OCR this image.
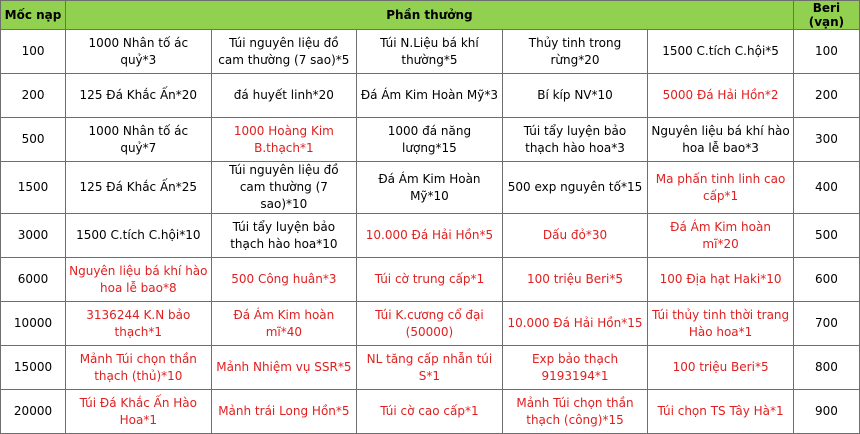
Mốc nạp	Phần thưởng					Beri (vạn)
100	1000 Nhân tố ác quỷ*3	Túi nguyên liệu đồ cam thường (7 sao)*5	Túi N.Liệu bá khí thường*5	Thủy tinh trong rừng*20	1500 C.tích C.hội*5	100
200	125 Đá Khắc Ấn*20	đá huyết linh*20	Đá Ám Kim Hoàn Mỹ*3	Bí kíp NV*10	5000 Đá Hải Hồn*2	200
500	1000 Nhân tố ác quỷ*7	1000 Hoàng Kim B.thạch*1	1000 đá năng lượng*15	Túi tẩy luyện bảo thạch hào hoa*3	Nguyên liệu bá khí hào hoa lễ bao*3	300
1500	125 Đá Khắc Ấn*25	Túi nguyên liệu đồ cam thường (7 sao)*10	Đá Ám Kim Hoàn Mỹ*10	500 exp nguyên tố*15	Ma phấn tinh linh cao cấp*1	400
3000	1500 C.tích C.hội*10	Túi tẩy luyện bảo thạch hào hoa*10	10.000 Đá Hải Hồn*5	Dấu đỏ*30	Đá Ám Kim hoàn mĩ*20	500
6000	Nguyên liệu bá khí hào hoa lễ bao*8	500 Công huân*3	Túi cờ trung cấp*1	100 triệu Beri*5	100 Địa hạt Haki*10	600
10000	3136244 K.N bảo thạch*1	Đá Ám Kim hoàn mĩ*40	Túi K.cương cổ đại (50000)	10.000 Đá Hải Hồn*15	Túi thủy tinh thời trang Hào hoa*1	700
15000	Mảnh Túi chọn thần thạch (thủ)*10	Mảnh Nhiệm vụ SSR*5	NL tăng cấp nhẫn túi S*1	Exp bảo thạch 9193194*1	100 triệu Beri*5	800
20000	Túi Đá Khắc Ấn Hào Hoa*1	Mảnh trái Long Hồn*5	Túi cờ cao cấp*1	Mảnh Túi chọn thần thạch (công)*15	Túi chọn TS Tây Hà*1	900
